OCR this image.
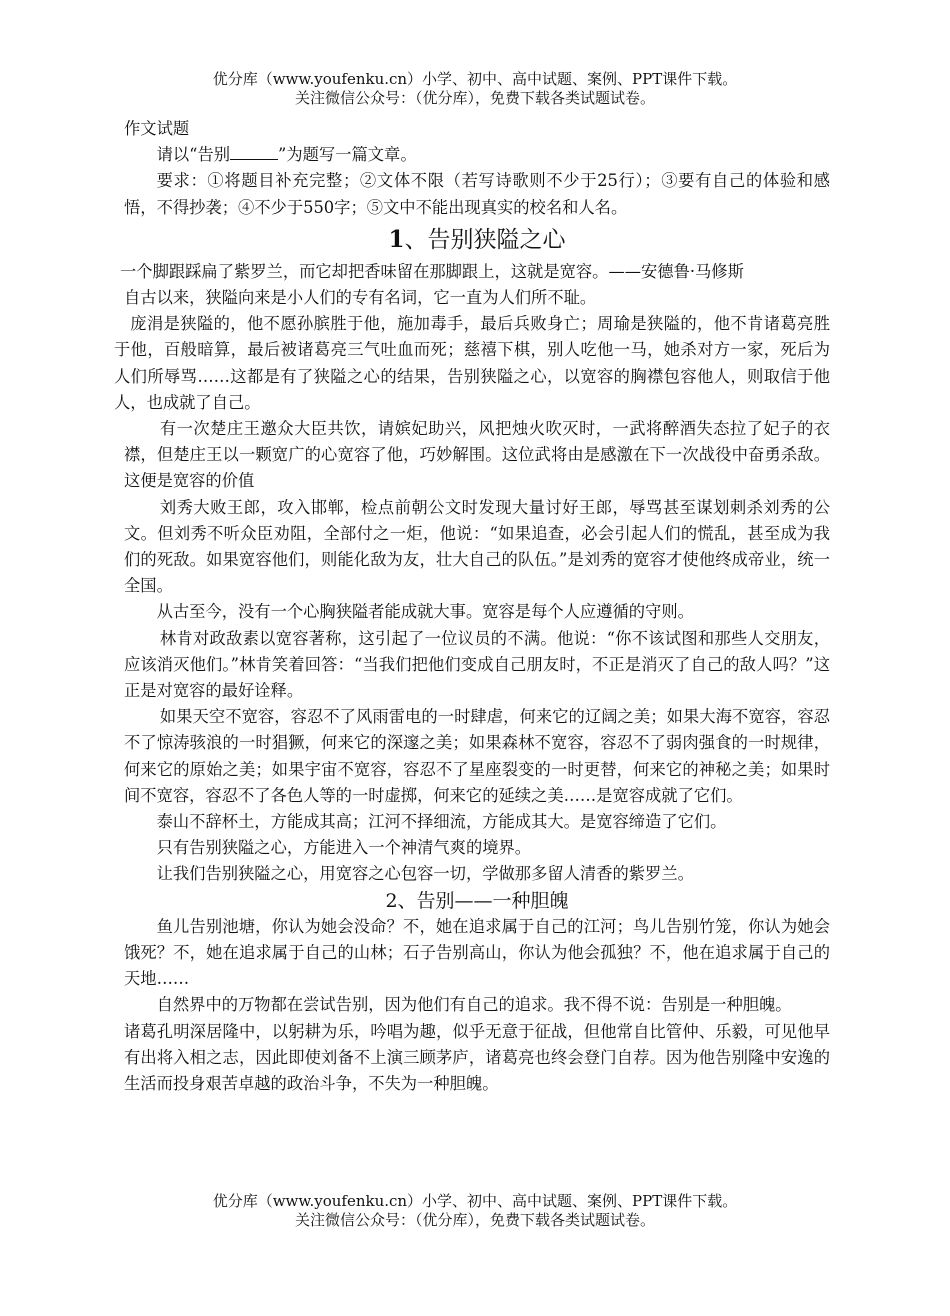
优分库（www.youfenku.cn）小学、初中、高中试题、案例、PPT课件下载。
关注微信公众号：（优分库），免费下载各类试题试卷。

作文试题

请以“告别	”为题写一篇文章。

要求：①将题目补充完整；②文体不限（若写诗歌则不少于25行）；③要有自己的体验和感悟，不得抄袭；④不少于550字；⑤文中不能出现真实的校名和人名。

1、告别狭隘之心

一个脚跟踩扁了紫罗兰，而它却把香味留在那脚跟上，这就是宽容。——安德鲁·马修斯

自古以来，狭隘向来是小人们的专有名词，它一直为人们所不耻。

庞涓是狭隘的，他不愿孙膑胜于他，施加毒手，最后兵败身亡；周瑜是狭隘的，他不肯诸葛亮胜于他，百般暗算，最后被诸葛亮三气吐血而死；慈禧下棋，别人吃他一马，她杀对方一家，死后为人们所辱骂……这都是有了狭隘之心的结果，告别狭隘之心，以宽容的胸襟包容他人，则取信于他人，也成就了自己。

有一次楚庄王邀众大臣共饮，请嫔妃助兴，风把烛火吹灭时，一武将醉酒失态拉了妃子的衣襟，但楚庄王以一颗宽广的心宽容了他，巧妙解围。这位武将由是感激在下一次战役中奋勇杀敌。这便是宽容的价值

刘秀大败王郎，攻入邯郸，检点前朝公文时发现大量讨好王郎，辱骂甚至谋划刺杀刘秀的公文。但刘秀不听众臣劝阻，全部付之一炬，他说：“如果追查，必会引起人们的慌乱，甚至成为我们的死敌。如果宽容他们，则能化敌为友，壮大自己的队伍。”是刘秀的宽容才使他终成帝业，统一全国。

从古至今，没有一个心胸狭隘者能成就大事。宽容是每个人应遵循的守则。

林肯对政敌素以宽容著称，这引起了一位议员的不满。他说：“你不该试图和那些人交朋友，应该消灭他们。”林肯笑着回答：“当我们把他们变成自己朋友时，不正是消灭了自己的敌人吗？”这正是对宽容的最好诠释。

如果天空不宽容，容忍不了风雨雷电的一时肆虐，何来它的辽阔之美；如果大海不宽容，容忍不了惊涛骇浪的一时猖獗，何来它的深邃之美；如果森林不宽容，容忍不了弱肉强食的一时规律，何来它的原始之美；如果宇宙不宽容，容忍不了星座裂变的一时更替，何来它的神秘之美；如果时间不宽容，容忍不了各色人等的一时虚掷，何来它的延续之美……是宽容成就了它们。

泰山不辞杯土，方能成其高；江河不择细流，方能成其大。是宽容缔造了它们。

只有告别狭隘之心，方能进入一个神清气爽的境界。

让我们告别狭隘之心，用宽容之心包容一切，学做那多留人清香的紫罗兰。

2、告别——一种胆魄

鱼儿告别池塘，你认为她会没命？不，她在追求属于自己的江河；鸟儿告别竹笼，你认为她会饿死？不，她在追求属于自己的山林；石子告别高山，你认为他会孤独？不，他在追求属于自己的天地……

自然界中的万物都在尝试告别，因为他们有自己的追求。我不得不说：告别是一种胆魄。

诸葛孔明深居隆中，以躬耕为乐，吟唱为趣，似乎无意于征战，但他常自比管仲、乐毅，可见他早有出将入相之志，因此即使刘备不上演三顾茅庐，诸葛亮也终会登门自荐。因为他告别隆中安逸的生活而投身艰苦卓越的政治斗争，不失为一种胆魄。

优分库（www.youfenku.cn）小学、初中、高中试题、案例、PPT课件下载。
关注微信公众号：（优分库），免费下载各类试题试卷。
